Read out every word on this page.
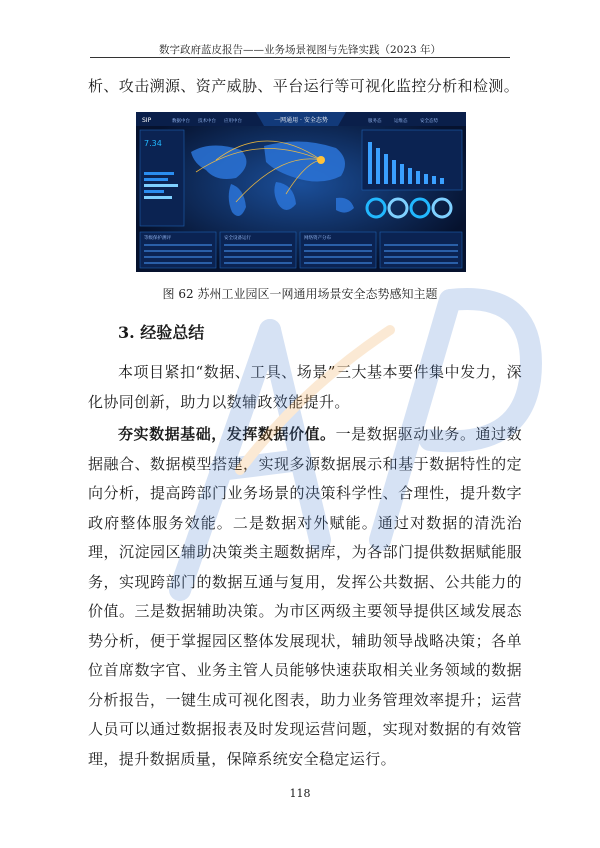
数字政府蓝皮报告——业务场景视图与先锋实践（2023 年）
析、攻击溯源、资产威胁、平台运行等可视化监控分析和检测。
SIP	数据中台 技术中台 应用中台	一网通用 · 安全态势	服务态	运维态	安全态势
7.34
等级保护测评	安全设备运行	网络资产分布
图 62 苏州工业园区一网通用场景安全态势感知主题
3. 经验总结
本项目紧扣“数据、工具、场景”三大基本要件集中发力，深化协同创新，助力以数辅政效能提升。
夯实数据基础，发挥数据价值。一是数据驱动业务。通过数据融合、数据模型搭建，实现多源数据展示和基于数据特性的定向分析，提高跨部门业务场景的决策科学性、合理性，提升数字政府整体服务效能。二是数据对外赋能。通过对数据的清洗治理，沉淀园区辅助决策类主题数据库，为各部门提供数据赋能服务，实现跨部门的数据互通与复用，发挥公共数据、公共能力的价值。三是数据辅助决策。为市区两级主要领导提供区域发展态势分析，便于掌握园区整体发展现状，辅助领导战略决策；各单位首席数字官、业务主管人员能够快速获取相关业务领域的数据分析报告，一键生成可视化图表，助力业务管理效率提升；运营人员可以通过数据报表及时发现运营问题，实现对数据的有效管理，提升数据质量，保障系统安全稳定运行。
118
